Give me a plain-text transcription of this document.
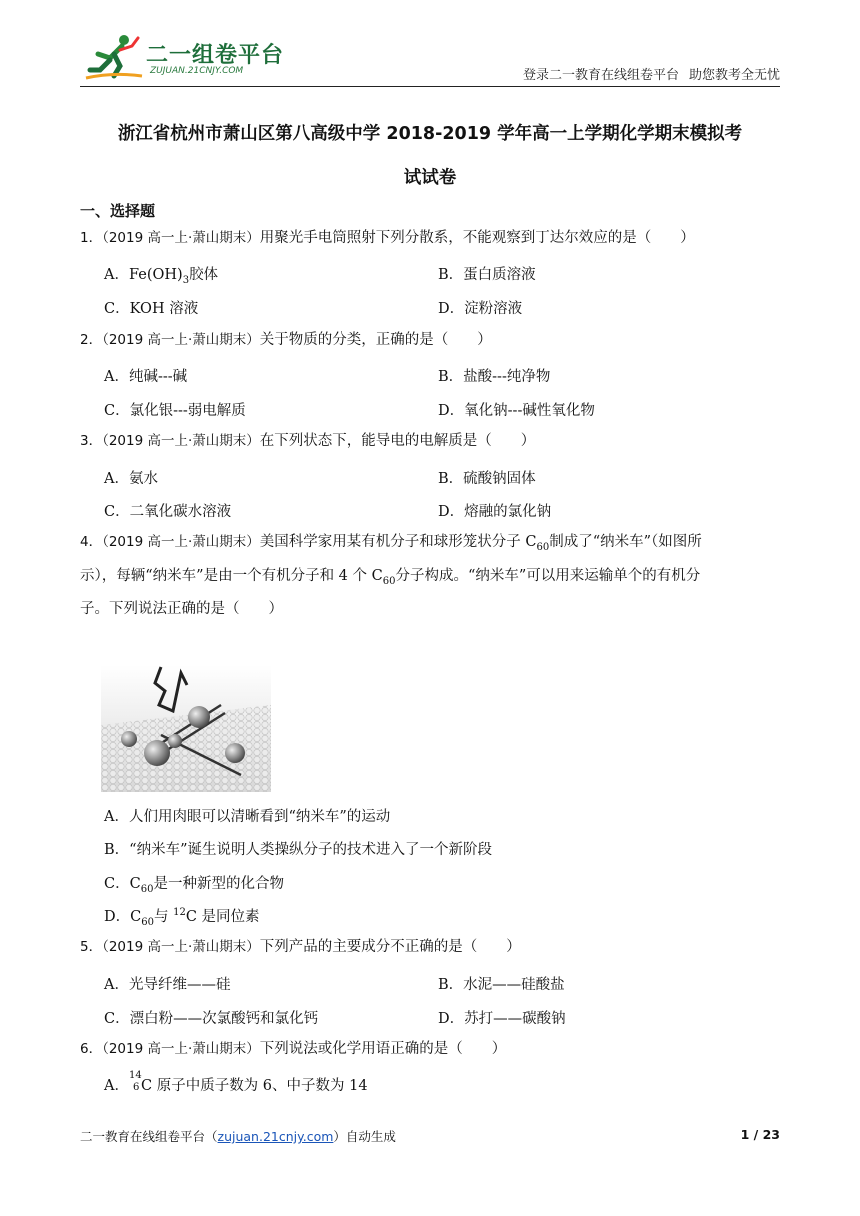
二一组卷平台
ZUJUAN.21CNJY.COM	登录二一教育在线组卷平台 助您教考全无忧
浙江省杭州市萧山区第八高级中学 2018-2019 学年高一上学期化学期末模拟考
试试卷
一、选择题
1．（2019 高一上·萧山期末）用聚光手电筒照射下列分散系，不能观察到丁达尔效应的是（　　）
A．$Fe(OH)_3$胶体	B．蛋白质溶液
C．KOH 溶液	D．淀粉溶液
2．（2019 高一上·萧山期末）关于物质的分类，正确的是（　　）
A．纯碱---碱	B．盐酸---纯净物
C．氯化银---弱电解质	D．氧化钠---碱性氧化物
3．（2019 高一上·萧山期末）在下列状态下，能导电的电解质是（　　）
A．氨水	B．硫酸钠固体
C．二氧化碳水溶液	D．熔融的氯化钠
4．（2019 高一上·萧山期末）美国科学家用某有机分子和球形笼状分子 $C_{60}$制成了“纳米车”（如图所
示），每辆“纳米车”是由一个有机分子和 4 个 $C_{60}$分子构成。“纳米车”可以用来运输单个的有机分
子。下列说法正确的是（　　）
A．人们用肉眼可以清晰看到“纳米车”的运动
B．“纳米车”诞生说明人类操纵分子的技术进入了一个新阶段
C．$C_{60}$是一种新型的化合物
D．$C_{60}$与 $^{12}$C 是同位素
5．（2019 高一上·萧山期末）下列产品的主要成分不正确的是（　　）
A．光导纤维——硅	B．水泥——硅酸盐
C．漂白粉——次氯酸钙和氯化钙	D．苏打——碳酸钠
6．（2019 高一上·萧山期末）下列说法或化学用语正确的是（　　）
A．
14
6 C 原子中质子数为 6、中子数为 14
二一教育在线组卷平台（zujuan.21cnjy.com）自动生成	1 / 23
